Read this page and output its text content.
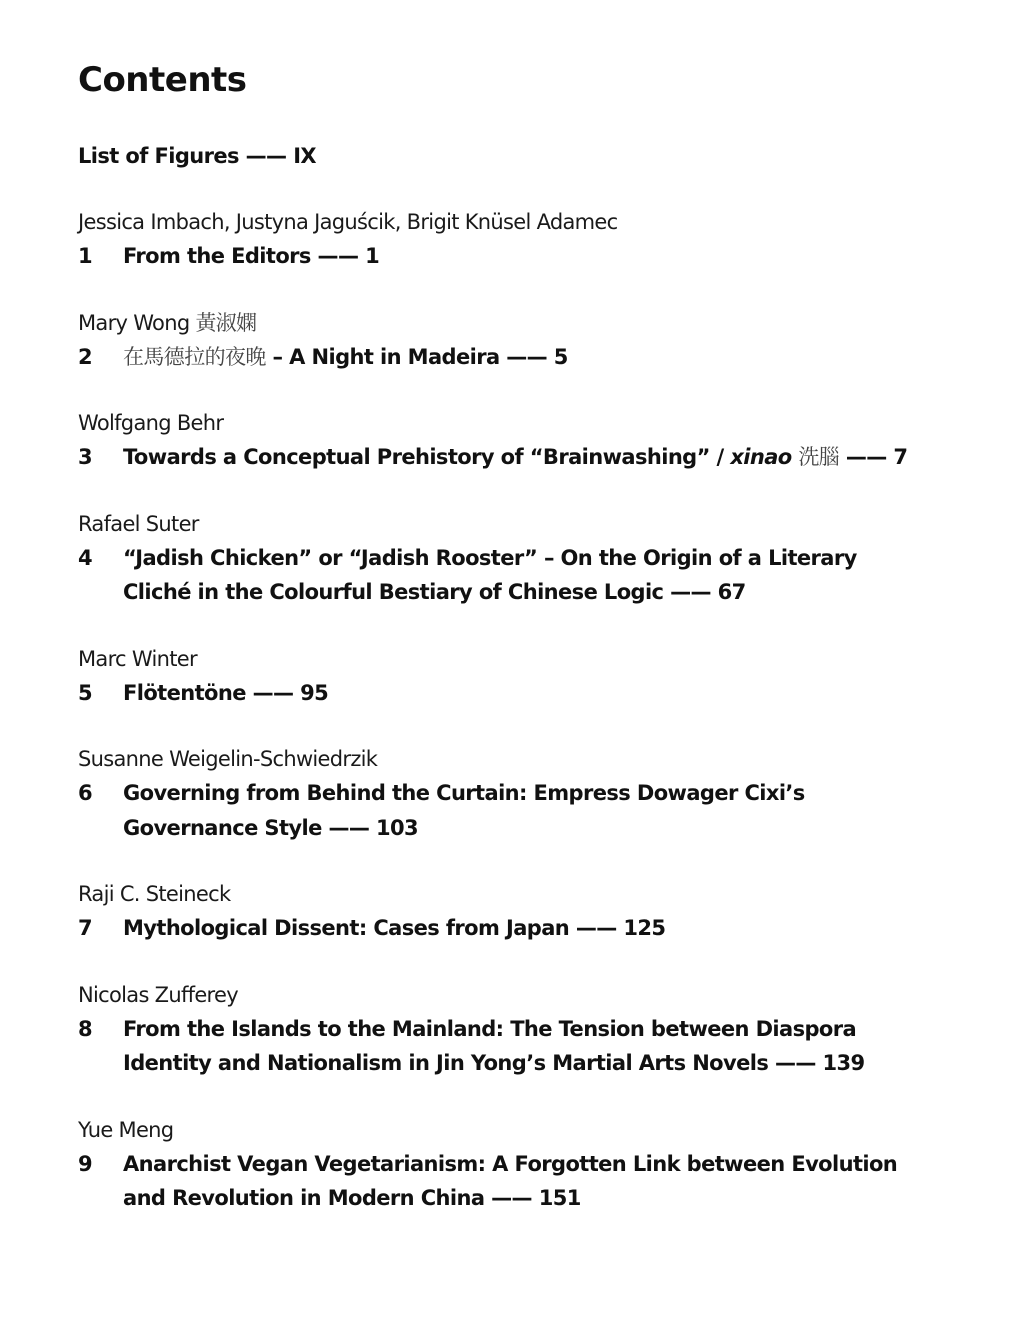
Contents
List of Figures —— IX
Jessica Imbach, Justyna Jaguścik, Brigit Knüsel Adamec
1	From the Editors —— 1
Mary Wong 黃淑嫻
2	在馬德拉的夜晚 – A Night in Madeira —— 5
Wolfgang Behr
3	Towards a Conceptual Prehistory of “Brainwashing” / xinao 洗腦 —— 7
Rafael Suter
4	“Jadish Chicken” or “Jadish Rooster” – On the Origin of a Literary Cliché in the Colourful Bestiary of Chinese Logic —— 67
Marc Winter
5	Flötentöne —— 95
Susanne Weigelin-Schwiedrzik
6	Governing from Behind the Curtain: Empress Dowager Cixi’s Governance Style —— 103
Raji C. Steineck
7	Mythological Dissent: Cases from Japan —— 125
Nicolas Zufferey
8	From the Islands to the Mainland: The Tension between Diaspora Identity and Nationalism in Jin Yong’s Martial Arts Novels —— 139
Yue Meng
9	Anarchist Vegan Vegetarianism: A Forgotten Link between Evolution and Revolution in Modern China —— 151
